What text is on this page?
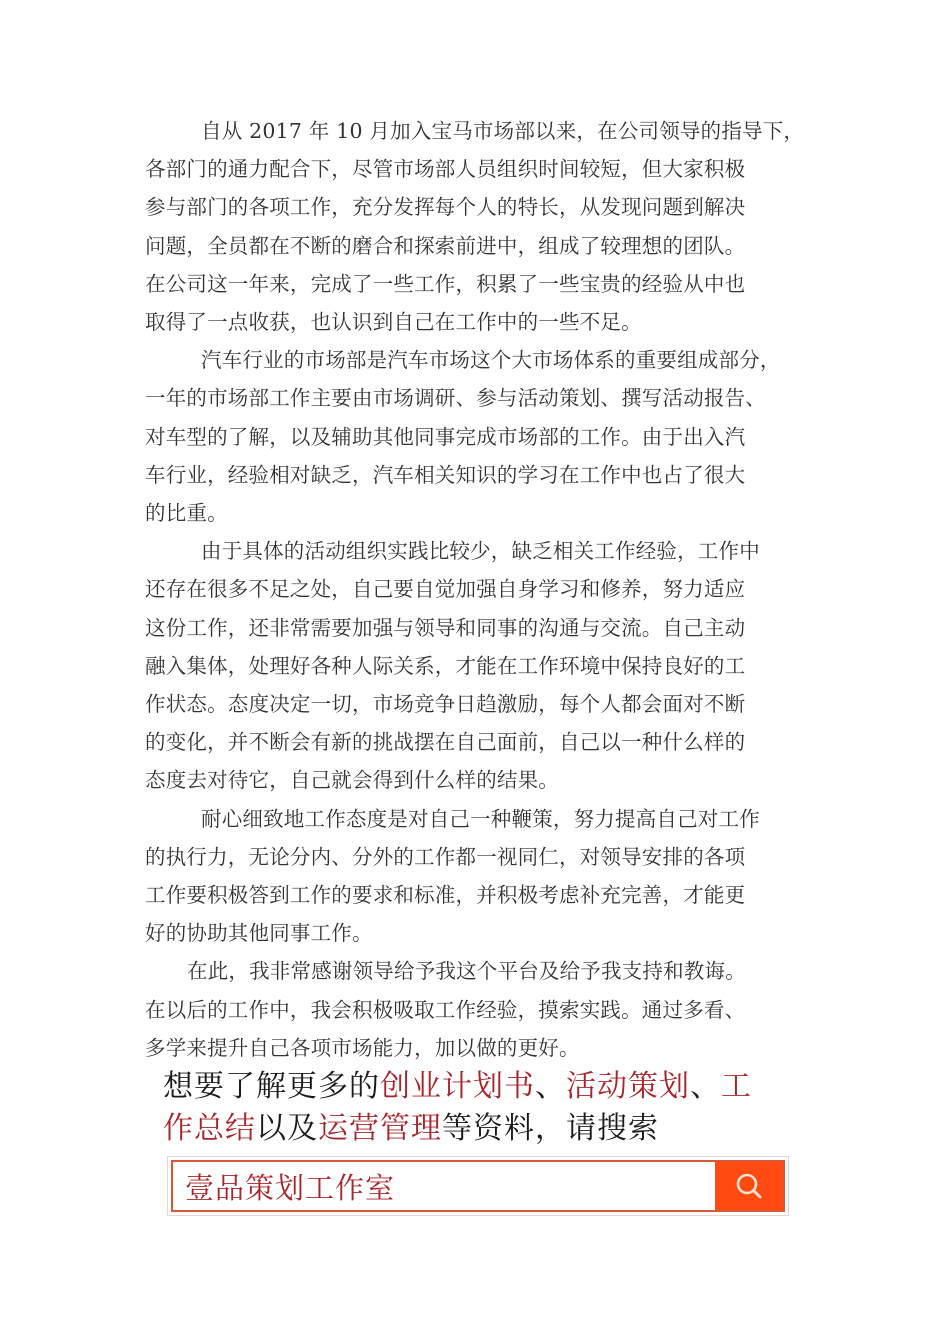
自从 2017 年 10 月加入宝马市场部以来，在公司领导的指导下，
各部门的通力配合下，尽管市场部人员组织时间较短，但大家积极
参与部门的各项工作，充分发挥每个人的特长，从发现问题到解决
问题，全员都在不断的磨合和探索前进中，组成了较理想的团队。
在公司这一年来，完成了一些工作，积累了一些宝贵的经验从中也
取得了一点收获，也认识到自己在工作中的一些不足。

汽车行业的市场部是汽车市场这个大市场体系的重要组成部分，
一年的市场部工作主要由市场调研、参与活动策划、撰写活动报告、
对车型的了解，以及辅助其他同事完成市场部的工作。由于出入汽
车行业，经验相对缺乏，汽车相关知识的学习在工作中也占了很大
的比重。

由于具体的活动组织实践比较少，缺乏相关工作经验，工作中
还存在很多不足之处，自己要自觉加强自身学习和修养，努力适应
这份工作，还非常需要加强与领导和同事的沟通与交流。自己主动
融入集体，处理好各种人际关系，才能在工作环境中保持良好的工
作状态。态度决定一切，市场竞争日趋激励，每个人都会面对不断
的变化，并不断会有新的挑战摆在自己面前，自己以一种什么样的
态度去对待它，自己就会得到什么样的结果。

耐心细致地工作态度是对自己一种鞭策，努力提高自己对工作
的执行力，无论分内、分外的工作都一视同仁，对领导安排的各项
工作要积极答到工作的要求和标准，并积极考虑补充完善，才能更
好的协助其他同事工作。

在此，我非常感谢领导给予我这个平台及给予我支持和教诲。
在以后的工作中，我会积极吸取工作经验，摸索实践。通过多看、
多学来提升自己各项市场能力，加以做的更好。

想要了解更多的创业计划书、活动策划、工
作总结以及运营管理等资料，请搜索
壹品策划工作室
